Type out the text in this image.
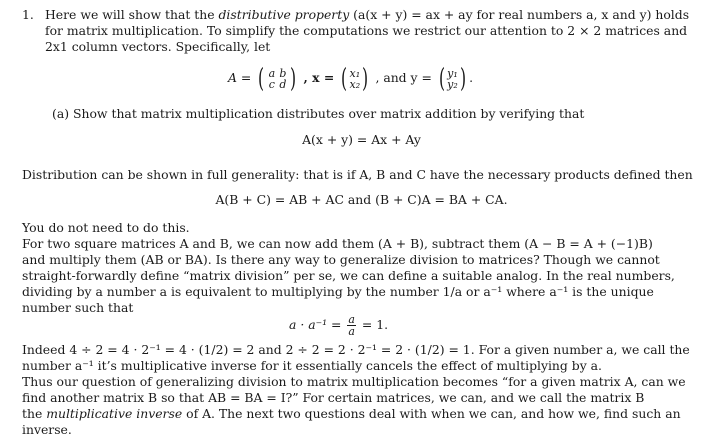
1. Here we will show that the distributive property (a(x + y) = ax + ay for real numbers a, x and y) holds
for matrix multiplication. To simplify the computations we restrict our attention to 2 × 2 matrices and
2x1 column vectors. Specifically, let
A = ( a b
c d ) , x = ( x₁
x₂ ) , and y = ( y₁
y₂ ) .
(a) Show that matrix multiplication distributes over matrix addition by verifying that
A(x + y) = Ax + Ay
Distribution can be shown in full generality: that is if A, B and C have the necessary products defined then
A(B + C) = AB + AC and (B + C)A = BA + CA.
You do not need to do this.
For two square matrices A and B, we can now add them (A + B), subtract them (A − B = A + (−1)B)
and multiply them (AB or BA). Is there any way to generalize division to matrices? Though we cannot
straight-forwardly define “matrix division” per se, we can define a suitable analog. In the real numbers,
dividing by a number a is equivalent to multiplying by the number 1/a or a⁻¹ where a⁻¹ is the unique
number such that
$a \cdot a^{-1} = \frac{a}{a} = 1$.
Indeed 4 ÷ 2 = 4 · 2⁻¹ = 4 · (1/2) = 2 and 2 ÷ 2 = 2 · 2⁻¹ = 2 · (1/2) = 1. For a given number a, we call the
number a⁻¹ it’s multiplicative inverse for it essentially cancels the effect of multiplying by a.
Thus our question of generalizing division to matrix multiplication becomes “for a given matrix A, can we
find another matrix B so that AB = BA = I?” For certain matrices, we can, and we call the matrix B
the multiplicative inverse of A. The next two questions deal with when we can, and how we, find such an
inverse.
